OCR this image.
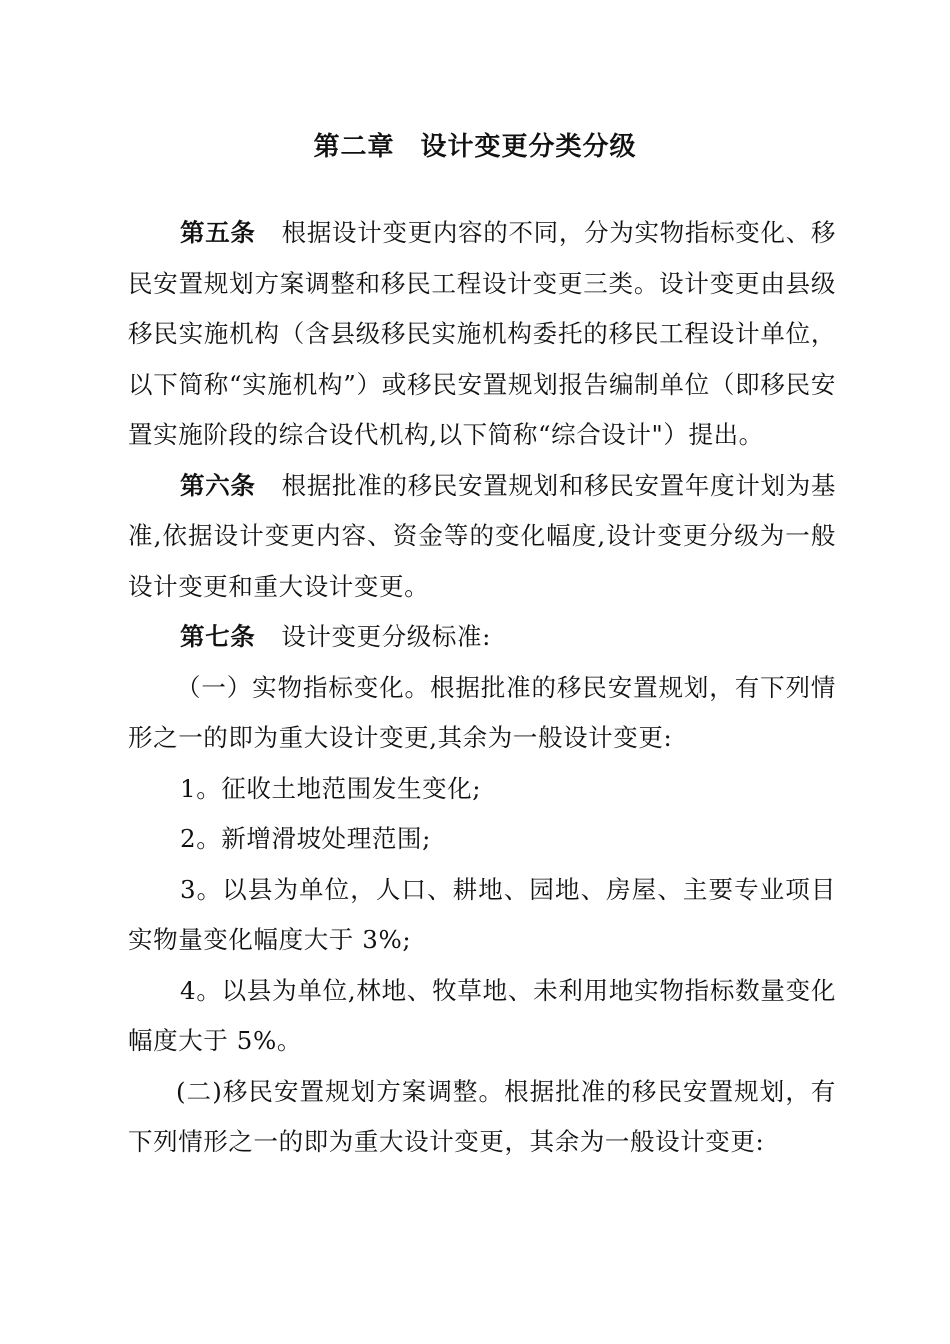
第二章 设计变更分类分级

第五条 根据设计变更内容的不同，分为实物指标变化、移民安置规划方案调整和移民工程设计变更三类。设计变更由县级移民实施机构（含县级移民实施机构委托的移民工程设计单位，以下简称“实施机构”）或移民安置规划报告编制单位（即移民安置实施阶段的综合设代机构,以下简称“综合设计"）提出。

第六条 根据批准的移民安置规划和移民安置年度计划为基准,依据设计变更内容、资金等的变化幅度,设计变更分级为一般设计变更和重大设计变更。

第七条 设计变更分级标准:

（一）实物指标变化。根据批准的移民安置规划，有下列情形之一的即为重大设计变更,其余为一般设计变更:

1。征收土地范围发生变化;

2。新增滑坡处理范围;

3。以县为单位，人口、耕地、园地、房屋、主要专业项目实物量变化幅度大于 3%;

4。以县为单位,林地、牧草地、未利用地实物指标数量变化幅度大于 5%。

(二)移民安置规划方案调整。根据批准的移民安置规划，有下列情形之一的即为重大设计变更，其余为一般设计变更:
